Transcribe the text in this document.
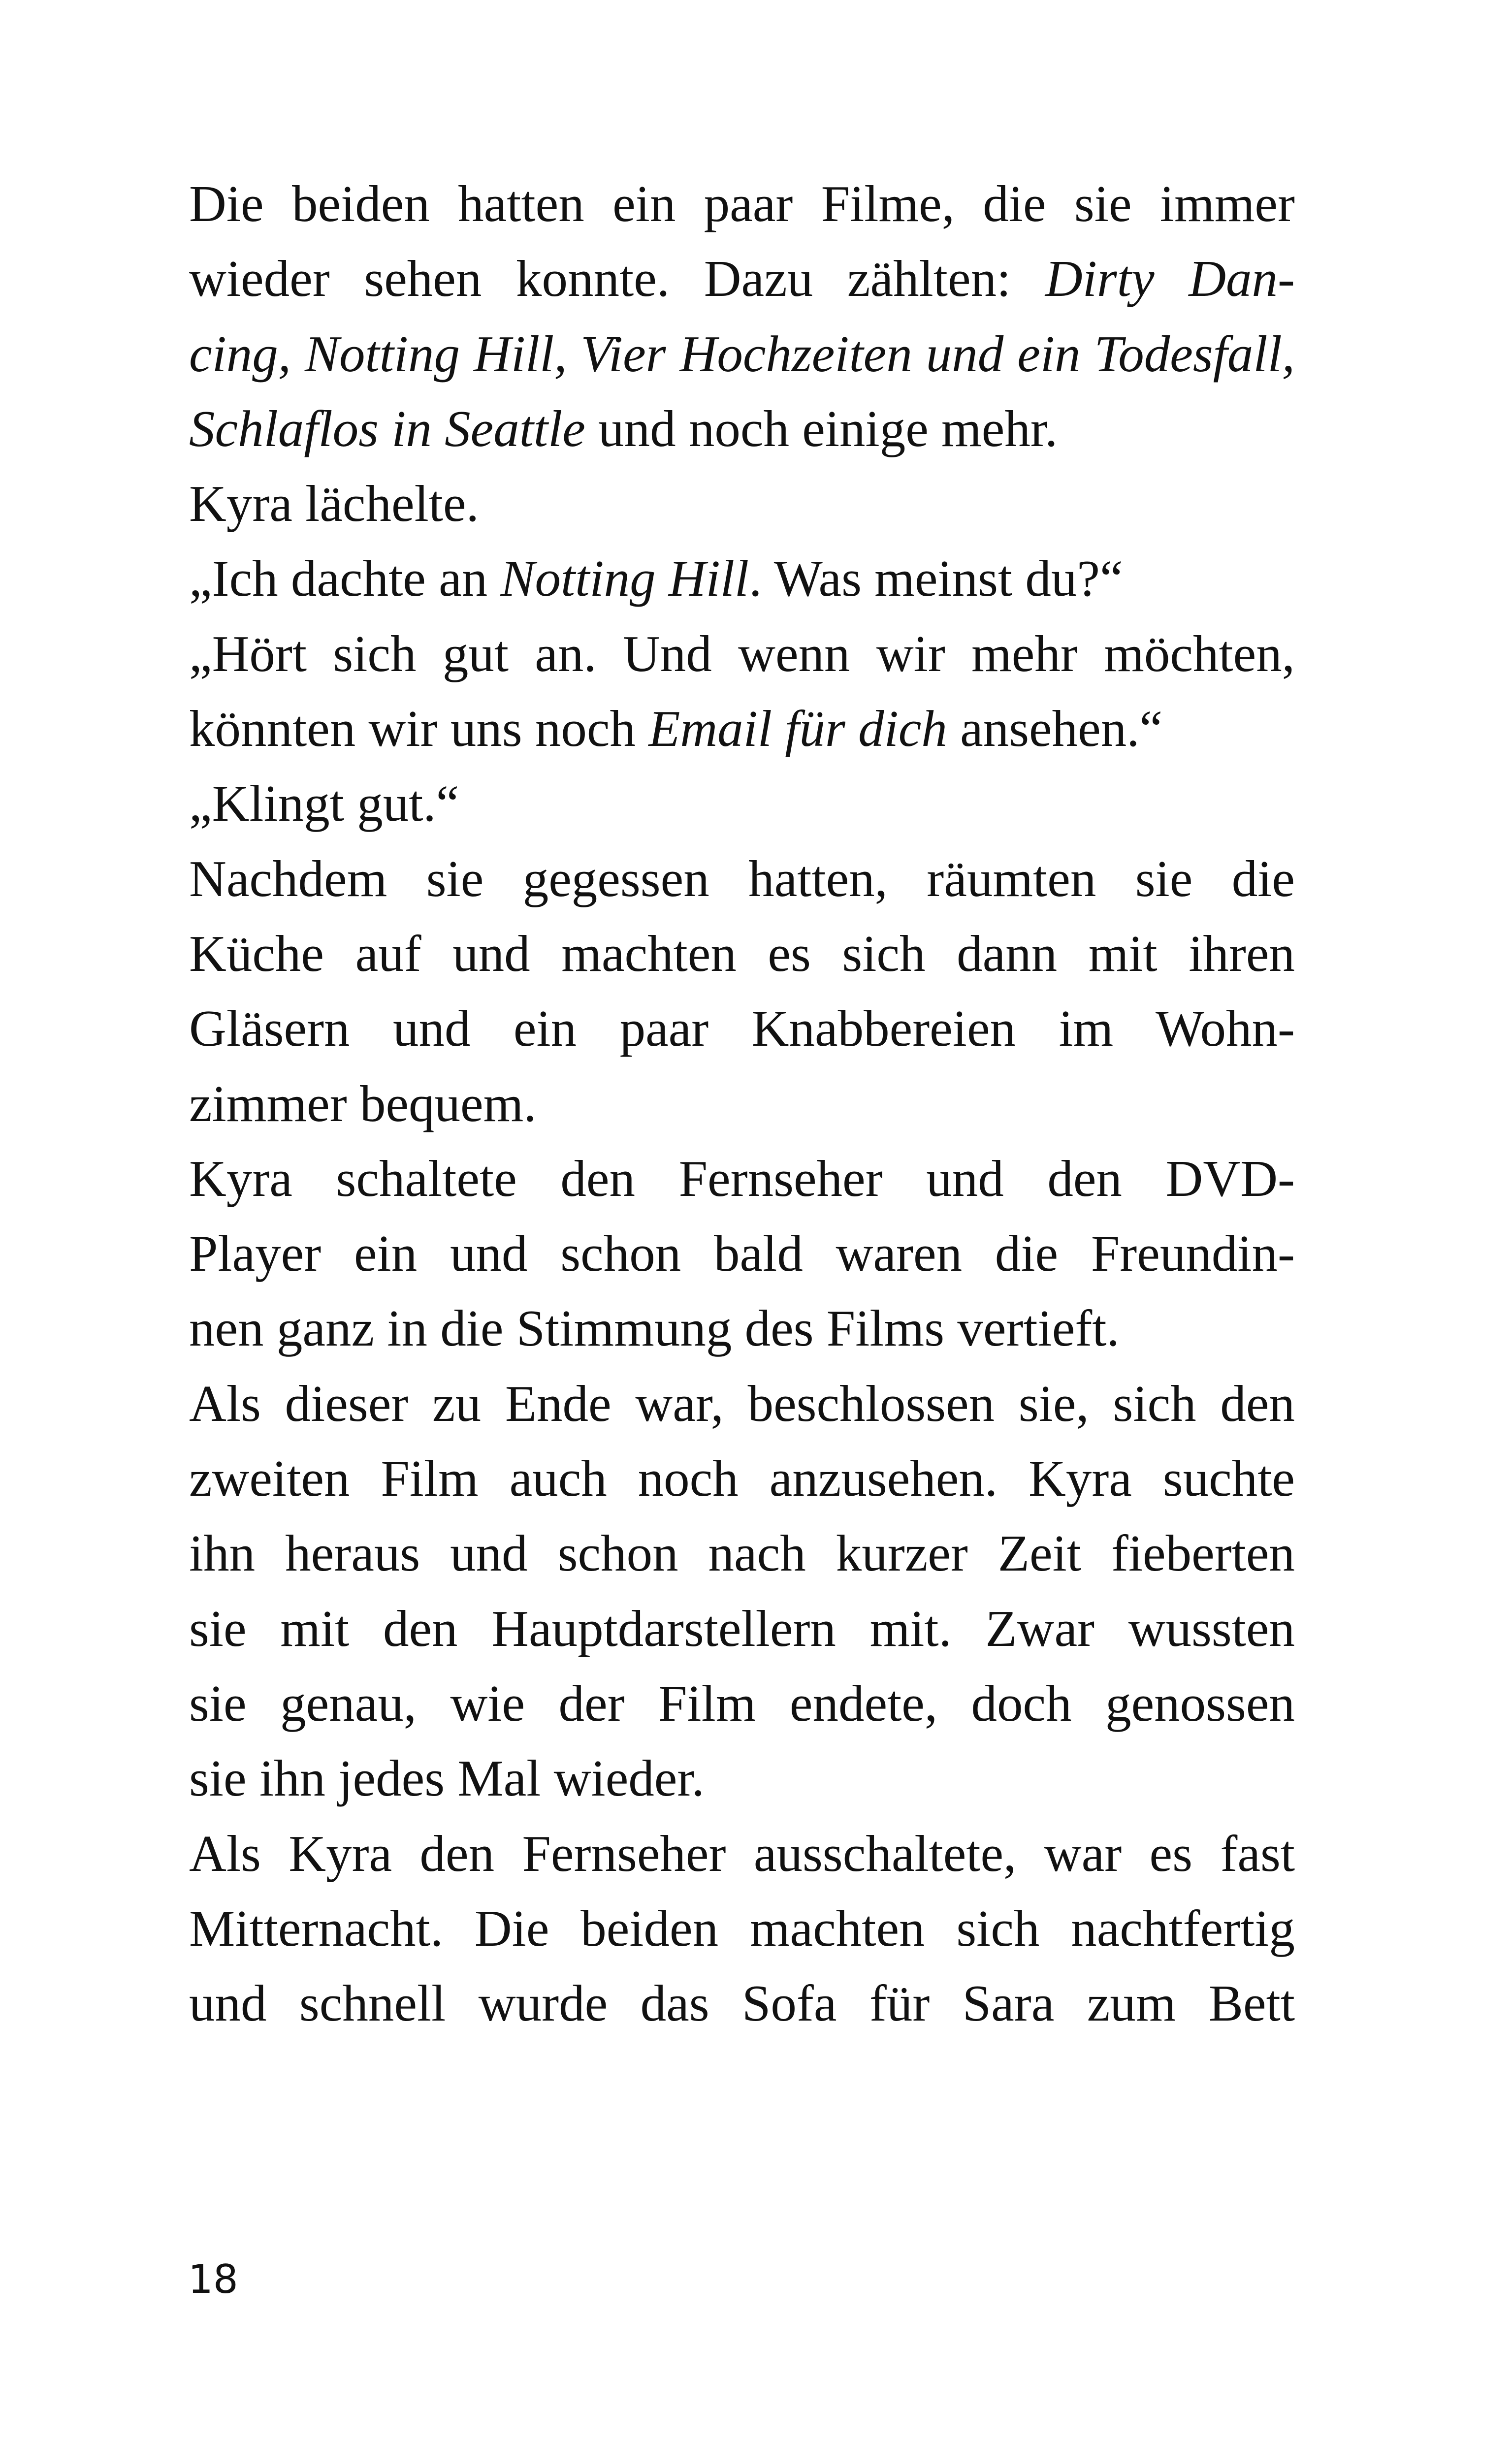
Die beiden hatten ein paar Filme, die sie immer
wieder sehen konnte. Dazu zählten: Dirty Dan-
cing, Notting Hill, Vier Hochzeiten und ein Todesfall,
Schlaflos in Seattle und noch einige mehr.
Kyra lächelte.
„Ich dachte an Notting Hill. Was meinst du?“
„Hört sich gut an. Und wenn wir mehr möchten,
könnten wir uns noch Email für dich ansehen.“
„Klingt gut.“
Nachdem sie gegessen hatten, räumten sie die
Küche auf und machten es sich dann mit ihren
Gläsern und ein paar Knabbereien im Wohn-
zimmer bequem.
Kyra schaltete den Fernseher und den DVD-
Player ein und schon bald waren die Freundin-
nen ganz in die Stimmung des Films vertieft.
Als dieser zu Ende war, beschlossen sie, sich den
zweiten Film auch noch anzusehen. Kyra suchte
ihn heraus und schon nach kurzer Zeit fieberten
sie mit den Hauptdarstellern mit. Zwar wussten
sie genau, wie der Film endete, doch genossen
sie ihn jedes Mal wieder.
Als Kyra den Fernseher ausschaltete, war es fast
Mitternacht. Die beiden machten sich nachtfertig
und schnell wurde das Sofa für Sara zum Bett
18
